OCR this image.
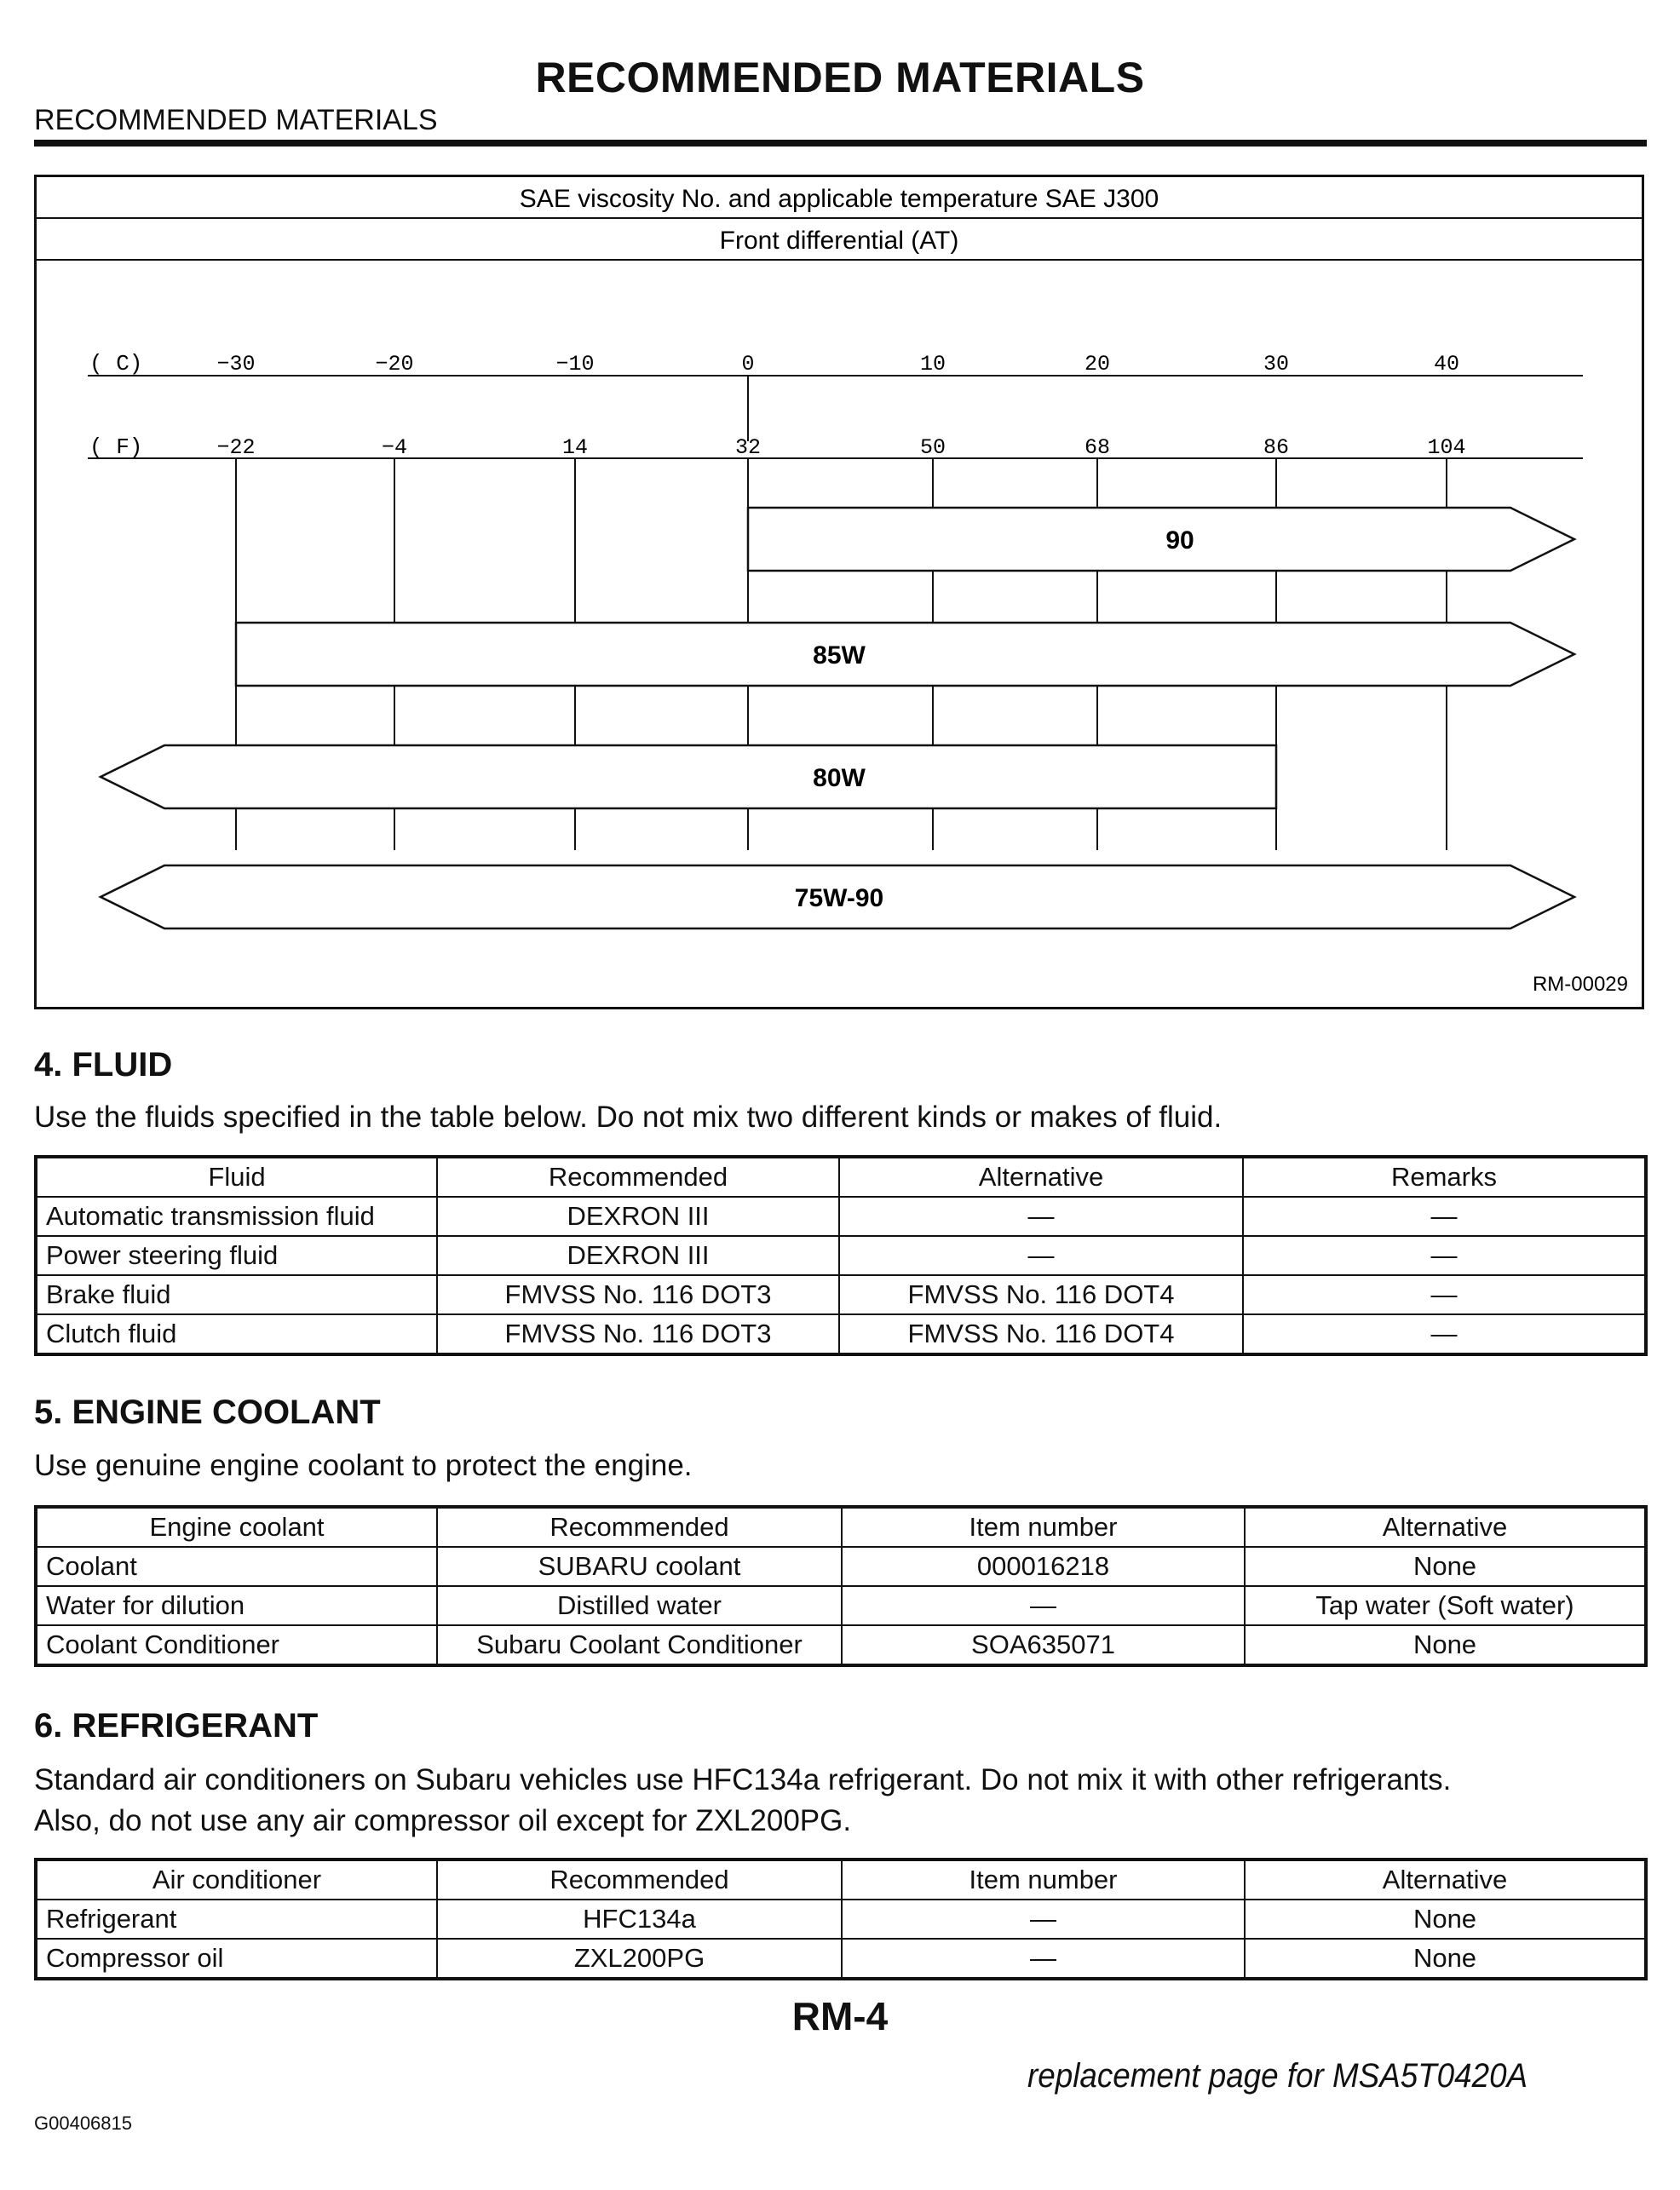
RECOMMENDED MATERIALS
RECOMMENDED MATERIALS
SAE viscosity No. and applicable temperature SAE J300
Front differential (AT)
( C)
( F)
−30	−20	−10	0	10	20	30	40
−22	−4	14	32	50	68	86	104
90
85W
80W
75W-90
RM-00029
4. FLUID
Use the fluids specified in the table below. Do not mix two different kinds or makes of fluid.
Fluid	Recommended	Alternative	Remarks
Automatic transmission fluid	DEXRON III	—	—
Power steering fluid	DEXRON III	—	—
Brake fluid	FMVSS No. 116 DOT3	FMVSS No. 116 DOT4	—
Clutch fluid	FMVSS No. 116 DOT3	FMVSS No. 116 DOT4	—
5. ENGINE COOLANT
Use genuine engine coolant to protect the engine.
Engine coolant	Recommended	Item number	Alternative
Coolant	SUBARU coolant	000016218	None
Water for dilution	Distilled water	—	Tap water (Soft water)
Coolant Conditioner	Subaru Coolant Conditioner	SOA635071	None
6. REFRIGERANT
Standard air conditioners on Subaru vehicles use HFC134a refrigerant. Do not mix it with other refrigerants.
Also, do not use any air compressor oil except for ZXL200PG.
Air conditioner	Recommended	Item number	Alternative
Refrigerant	HFC134a	—	None
Compressor oil	ZXL200PG	—	None
RM-4
replacement page for MSA5T0420A
G00406815
